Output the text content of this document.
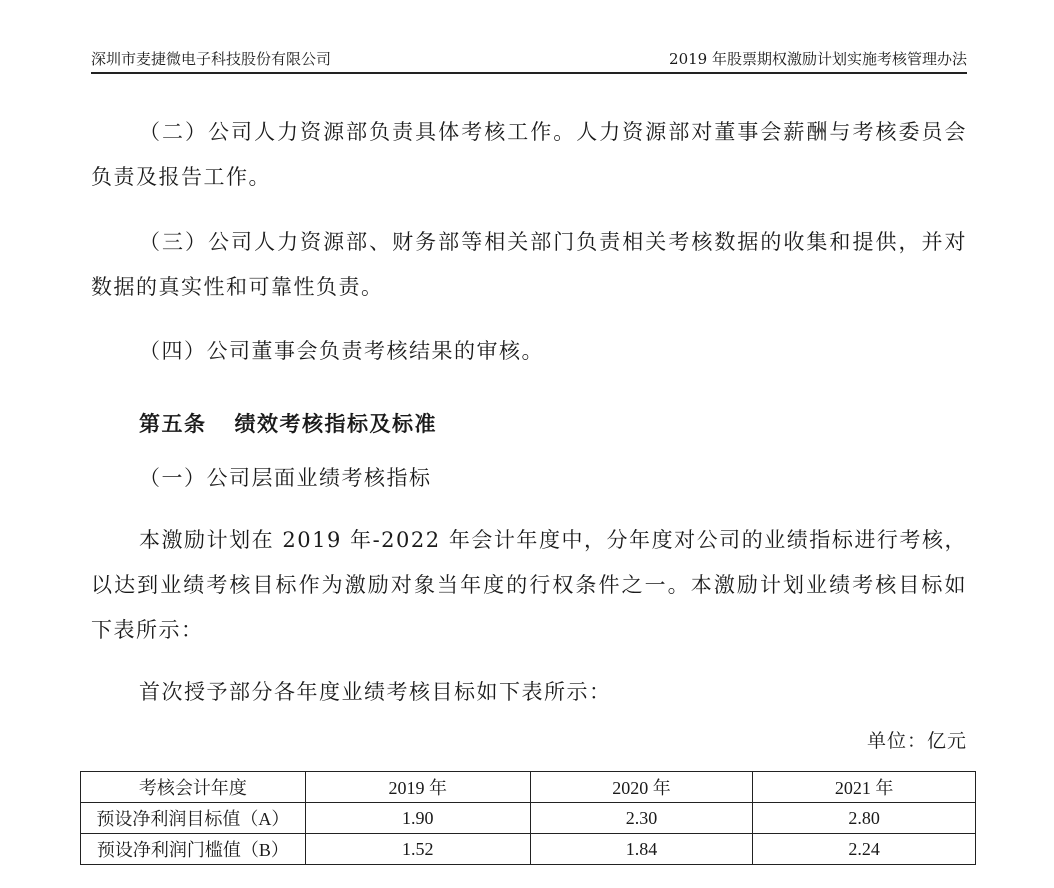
深圳市麦捷微电子科技股份有限公司	2019 年股票期权激励计划实施考核管理办法

（二）公司人力资源部负责具体考核工作。人力资源部对董事会薪酬与考核委员会负责及报告工作。

（三）公司人力资源部、财务部等相关部门负责相关考核数据的收集和提供，并对数据的真实性和可靠性负责。

（四）公司董事会负责考核结果的审核。

第五条 绩效考核指标及标准

（一）公司层面业绩考核指标

本激励计划在 2019 年-2022 年会计年度中，分年度对公司的业绩指标进行考核，以达到业绩考核目标作为激励对象当年度的行权条件之一。本激励计划业绩考核目标如下表所示：

首次授予部分各年度业绩考核目标如下表所示：

单位：亿元
考核会计年度	2019 年	2020 年	2021 年
预设净利润目标值（A）	1.90	2.30	2.80
预设净利润门槛值（B）	1.52	1.84	2.24
